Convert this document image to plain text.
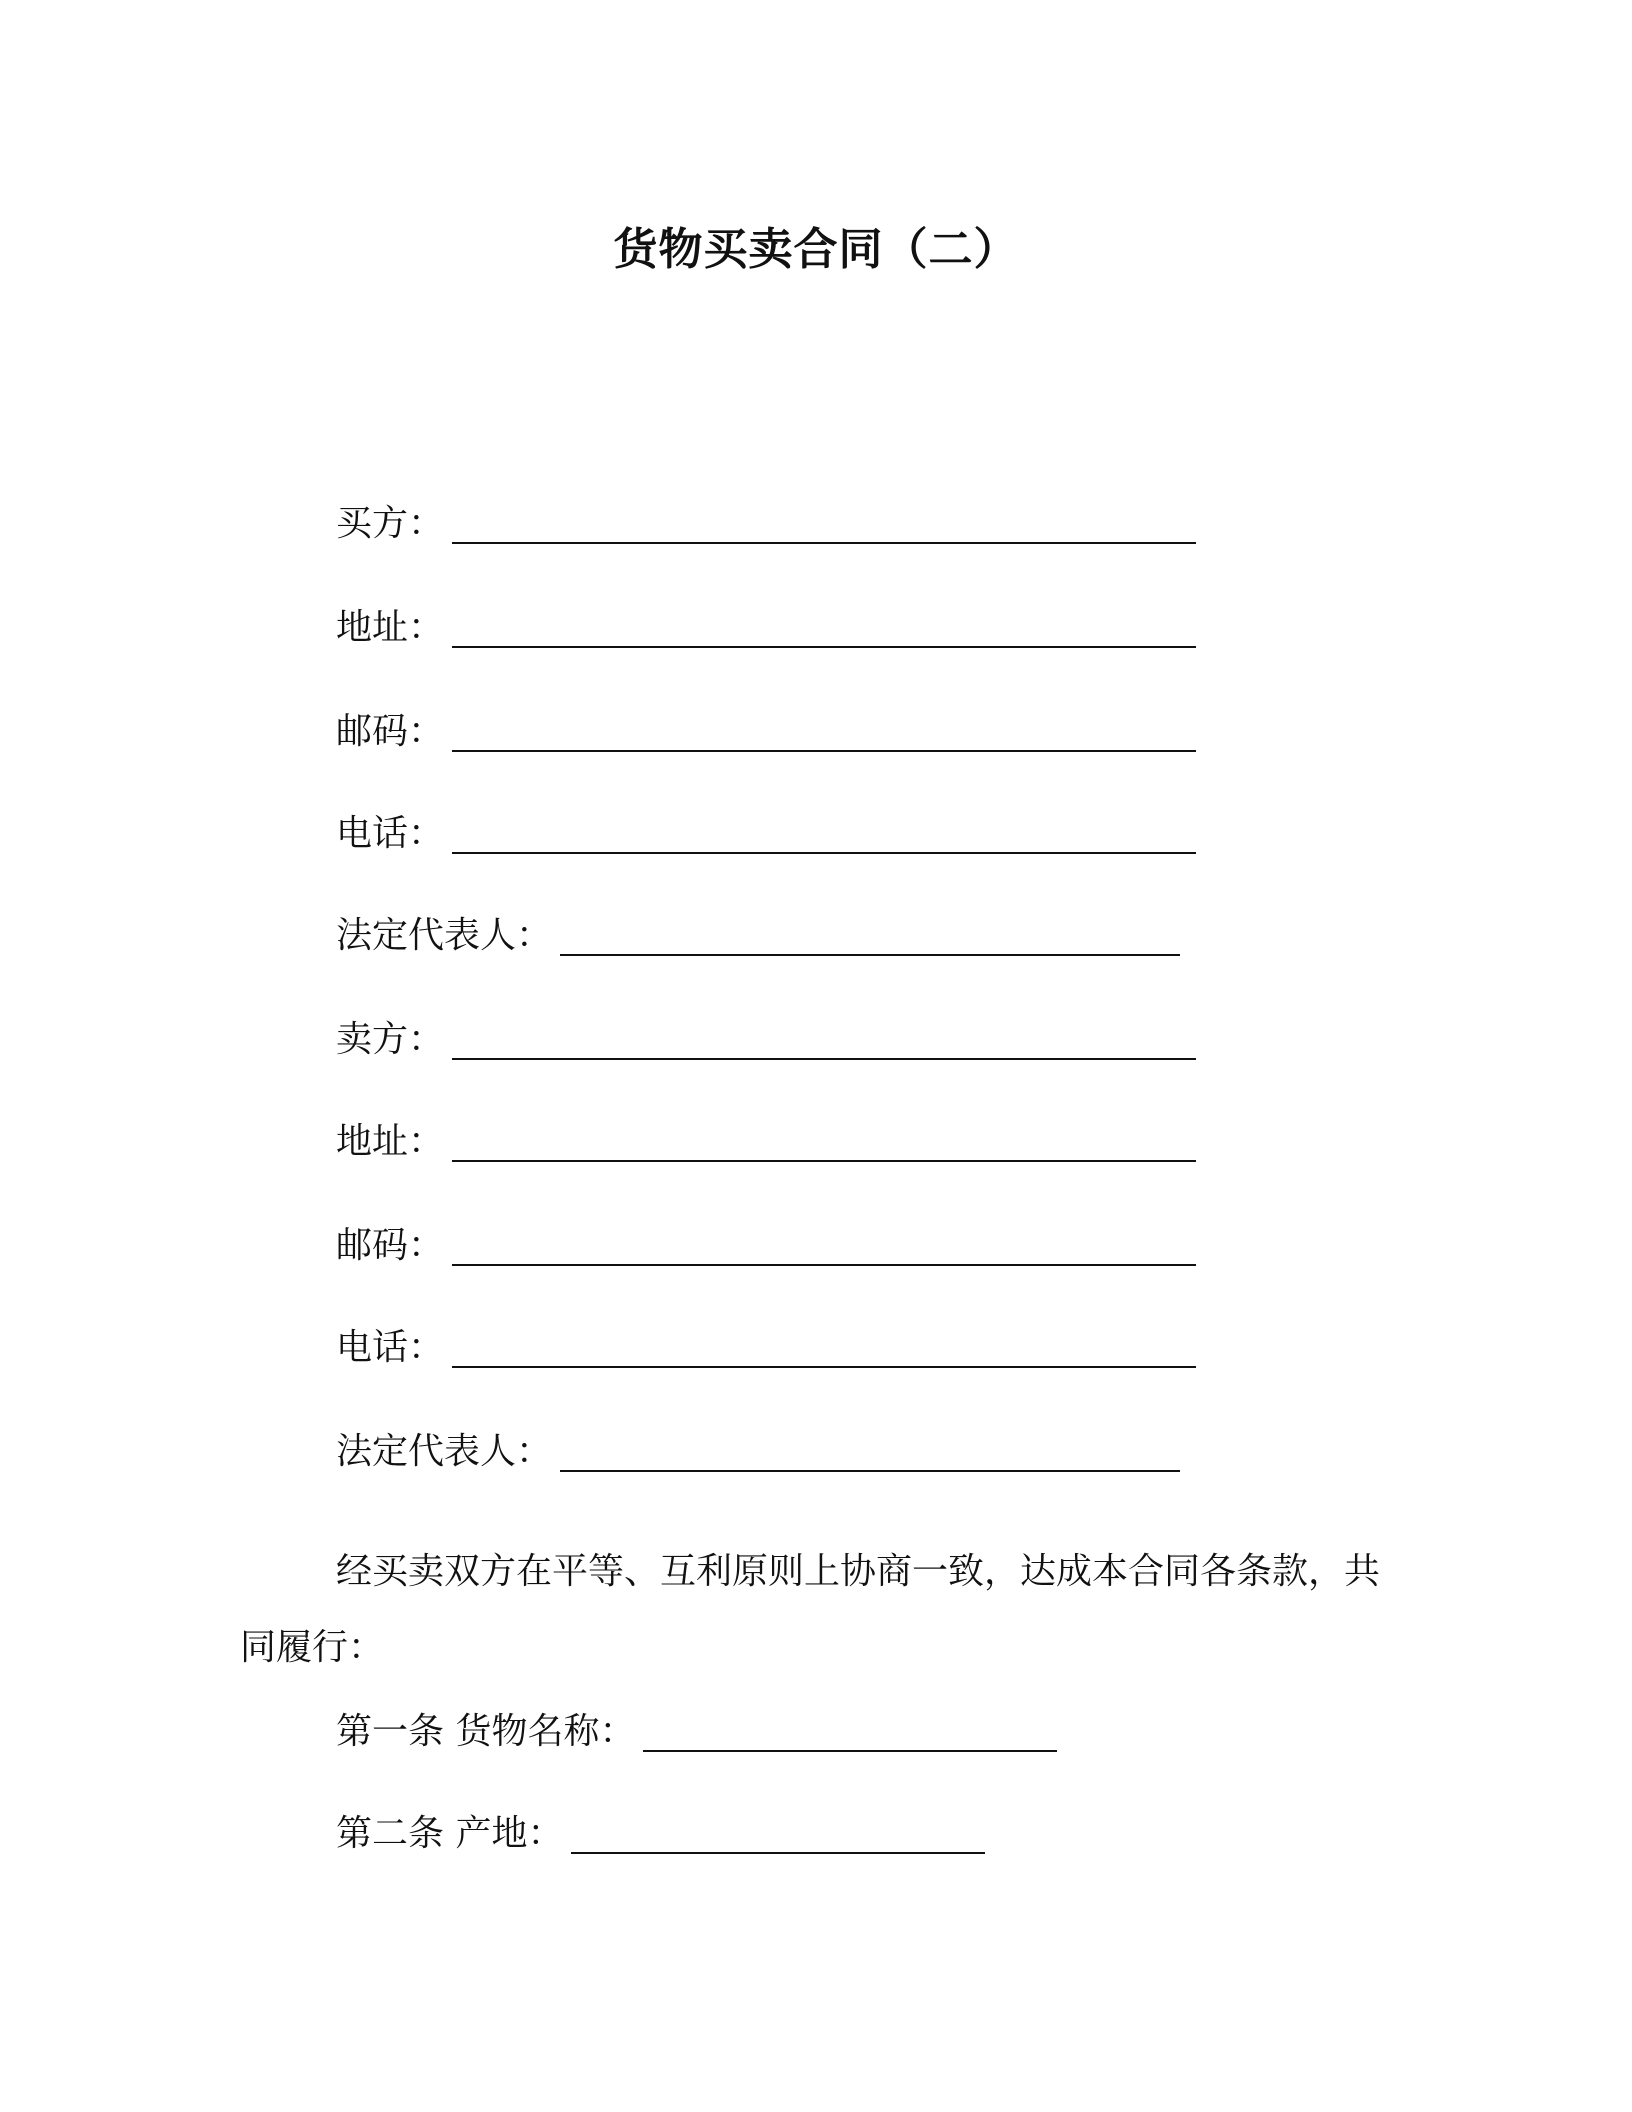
货物买卖合同（二）
买方：
地址：
邮码：
电话：
法定代表人：
卖方：
地址：
邮码：
电话：
法定代表人：
经买卖双方在平等、互利原则上协商一致，达成本合同各条款，共同履行：
第一条 货物名称：
第二条 产地：
